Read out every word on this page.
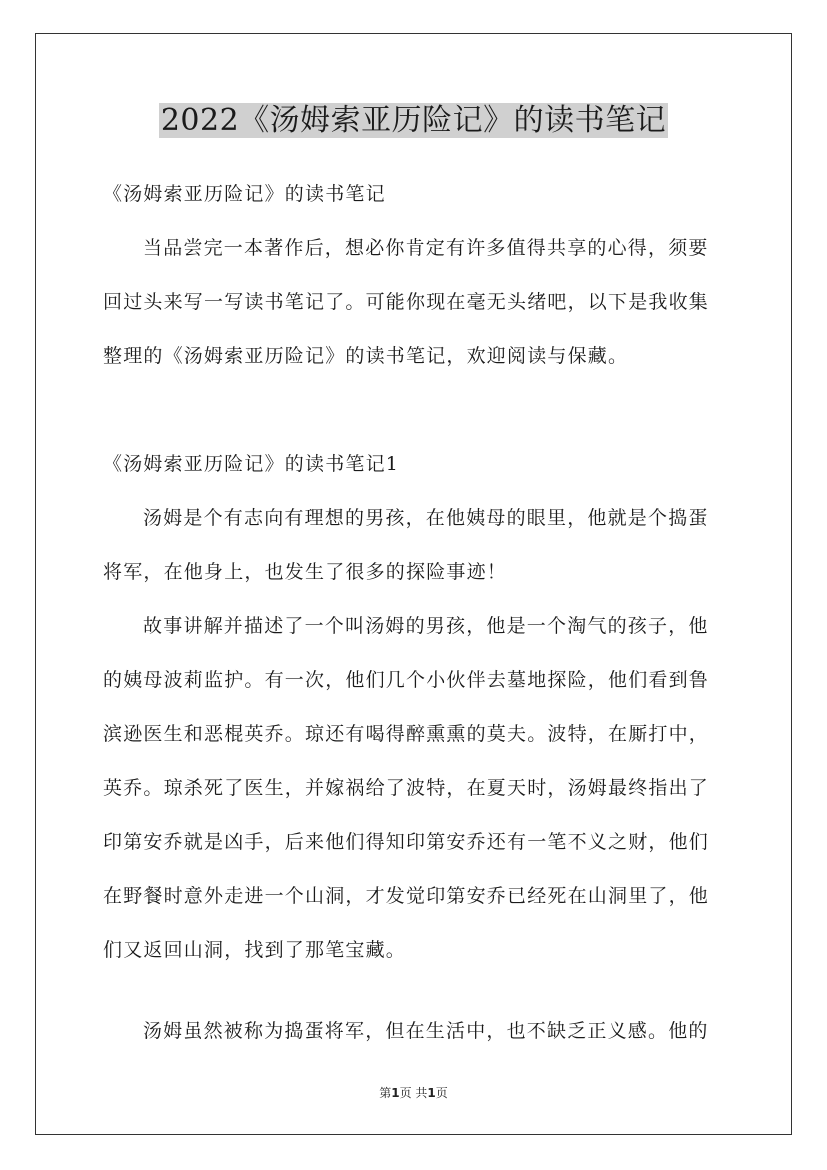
2022《汤姆索亚历险记》的读书笔记
《汤姆索亚历险记》的读书笔记
当品尝完一本著作后，想必你肯定有许多值得共享的心得，须要
回过头来写一写读书笔记了。可能你现在毫无头绪吧，以下是我收集
整理的《汤姆索亚历险记》的读书笔记，欢迎阅读与保藏。
《汤姆索亚历险记》的读书笔记1
汤姆是个有志向有理想的男孩，在他姨母的眼里，他就是个捣蛋
将军，在他身上，也发生了很多的探险事迹！
故事讲解并描述了一个叫汤姆的男孩，他是一个淘气的孩子，他
的姨母波莉监护。有一次，他们几个小伙伴去墓地探险，他们看到鲁
滨逊医生和恶棍英乔。琼还有喝得醉熏熏的莫夫。波特，在厮打中，
英乔。琼杀死了医生，并嫁祸给了波特，在夏天时，汤姆最终指出了
印第安乔就是凶手，后来他们得知印第安乔还有一笔不义之财，他们
在野餐时意外走进一个山洞，才发觉印第安乔已经死在山洞里了，他
们又返回山洞，找到了那笔宝藏。
汤姆虽然被称为捣蛋将军，但在生活中，也不缺乏正义感。他的
第1页 共1页
